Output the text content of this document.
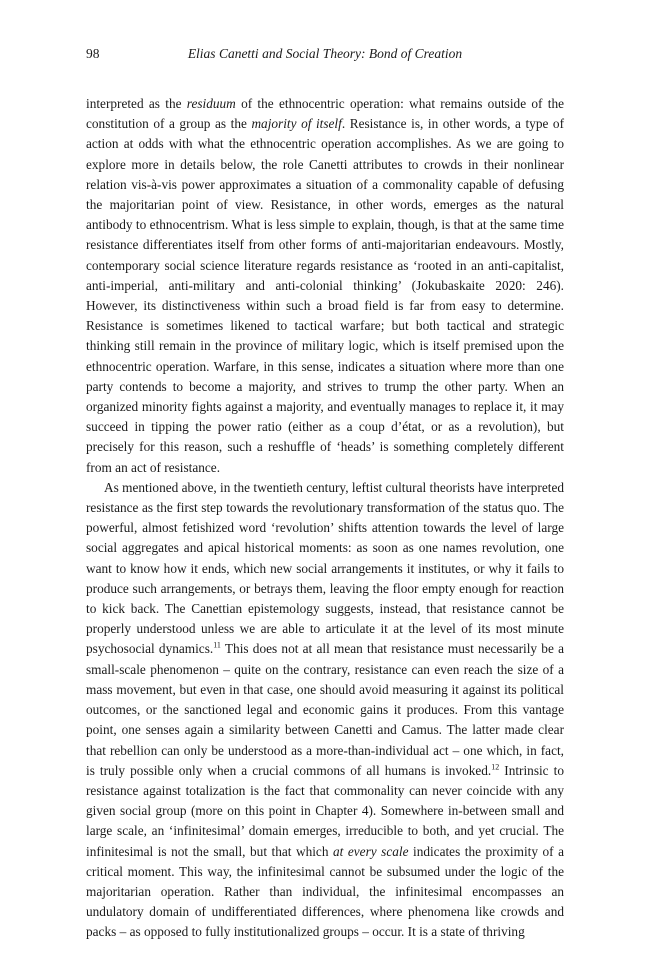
98	Elias Canetti and Social Theory: Bond of Creation

interpreted as the residuum of the ethnocentric operation: what remains outside of the constitution of a group as the majority of itself. Resistance is, in other words, a type of action at odds with what the ethnocentric operation accomplishes. As we are going to explore more in details below, the role Canetti attributes to crowds in their nonlinear relation vis-à-vis power approximates a situation of a commonality capable of defusing the majoritarian point of view. Resistance, in other words, emerges as the natural antibody to ethnocentrism. What is less simple to explain, though, is that at the same time resistance differentiates itself from other forms of anti-majoritarian endeavours. Mostly, contemporary social science literature regards resistance as ‘rooted in an anti-capitalist, anti-imperial, anti-military and anti-colonial thinking’ (Jokubaskaite 2020: 246). However, its distinctiveness within such a broad field is far from easy to determine. Resistance is sometimes likened to tactical warfare; but both tactical and strategic thinking still remain in the province of military logic, which is itself premised upon the ethnocentric operation. Warfare, in this sense, indicates a situation where more than one party contends to become a majority, and strives to trump the other party. When an organized minority fights against a majority, and eventually manages to replace it, it may succeed in tipping the power ratio (either as a coup d’état, or as a revolution), but precisely for this reason, such a reshuffle of ‘heads’ is something completely different from an act of resistance.

As mentioned above, in the twentieth century, leftist cultural theorists have interpreted resistance as the first step towards the revolutionary transformation of the status quo. The powerful, almost fetishized word ‘revolution’ shifts attention towards the level of large social aggregates and apical historical moments: as soon as one names revolution, one want to know how it ends, which new social arrangements it institutes, or why it fails to produce such arrangements, or betrays them, leaving the floor empty enough for reaction to kick back. The Canettian epistemology suggests, instead, that resistance cannot be properly understood unless we are able to articulate it at the level of its most minute psychosocial dynamics.$^{11}$ This does not at all mean that resistance must necessarily be a small-scale phenomenon – quite on the contrary, resistance can even reach the size of a mass movement, but even in that case, one should avoid measuring it against its political outcomes, or the sanctioned legal and economic gains it produces. From this vantage point, one senses again a similarity between Canetti and Camus. The latter made clear that rebellion can only be understood as a more-than-individual act – one which, in fact, is truly possible only when a crucial commons of all humans is invoked.$^{12}$ Intrinsic to resistance against totalization is the fact that commonality can never coincide with any given social group (more on this point in Chapter 4). Somewhere in-between small and large scale, an ‘infinitesimal’ domain emerges, irreducible to both, and yet crucial. The infinitesimal is not the small, but that which at every scale indicates the proximity of a critical moment. This way, the infinitesimal cannot be subsumed under the logic of the majoritarian operation. Rather than individual, the infinitesimal encompasses an undulatory domain of undifferentiated differences, where phenomena like crowds and packs – as opposed to fully institutionalized groups – occur. It is a state of thriving
